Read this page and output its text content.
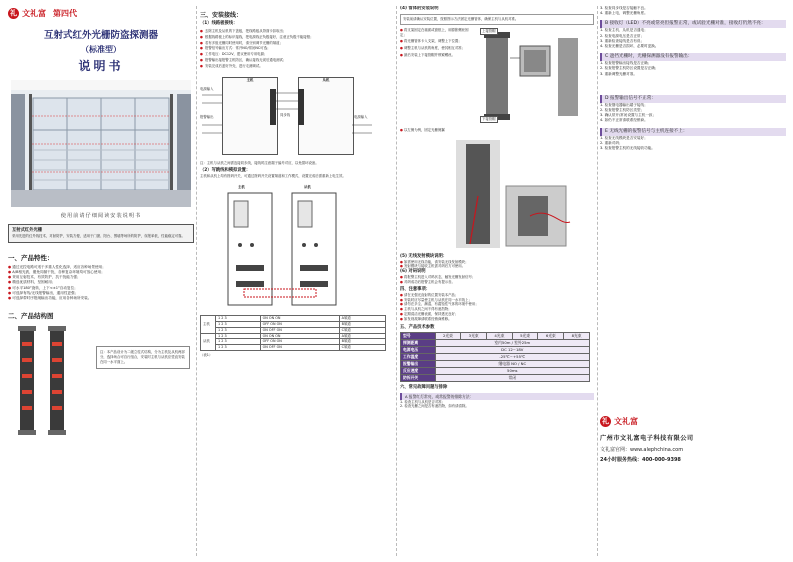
礼 文礼富 第四代
互射式红外光栅防盗探测器
（标准型）
说明书
使用前请仔细阅读安装说明书
互射式红外光栅
采用先进的红外线技术，对射防护，安装方便，适用于门窗、阳台、围墙等场所的防护，误报率低，性能稳定可靠。
一、产品特性：
● 通过光控电路可适于多重人性化选择，适应各种场景使用；
● A/B相光波，避免同频干扰，各种复杂环境均可放心使用；
● 采用互射技术，有效防护，抗干扰能力强；
● 精选优质材料，坚固耐用；
● 可水平180°旋转，上下<±1°自动复位；
● 可选择有线/无线报警输出，通用性更强；
● 可选择带时序报闸输出功能，应用各种场所安装。
二、产品结构图
注：本产品设计为二级立柱式结构，分为主机及从机两部分，选择场合可自行组合，安装时主机与从机应竖直安装在同一水平面上。
三、安装接线：
（1）线路板接线：
● 去除主机及从机的下盖板，把线路板从背面卡扣取出；
● 根据线路板上的标识接线，把电源线正负极接好，注意正负极不能接错；
● 若有多组光栅同时使用时，请分别调节光栅的频道；
● 报警信号输出方式：常开NO/常闭NC可选；
● 工作电压：DC12V，建议使用专用电源；
● 报警输出接报警主机防区，确认接线无误后通电测试；
● 安装完成后盖好外壳，进行走测调试。
主机	从机
电源输入
报警输出	电源输入
同步线
注：主机与从机之间需连接同步线，接线时注意端子编号对应，以免损坏设备。
（2）写跳线和模拟设置：
主机和从机上均有拨码开关，可通过拨码开关设置频道和工作模式，设置完成后需重新上电生效。
主机	从机
主机	1 2 3	ON ON ON	A频道
	1 2 3	OFF ON ON	B频道
	1 2 3	ON OFF ON	C频道
从机	1 2 3	ON ON ON	A频道
	1 2 3	OFF ON ON	B频道
	1 2 3	ON OFF ON	C频道
（表1）
(4) 管体的安装说明
安装前请确认安装位置，按照图示方法固定光栅管体，确保主机与从机对准。
● 将支架固定在墙面或窗框上，用膨胀螺丝固定；
● 将光栅管体卡入支架，调整上下位置；
● 调整主机与从机的角度，使其相互对准；
● 最后安装上下接管帽并锁紧螺丝。
上接管帽
下接管帽
● 以左侧为例，固定光栅侧翼
(5) 无线发射模块说明：
● 如需使用无线功能，请安装无线发射模块；
● 发射模块与接收主机需对码后方可使用。
(6) 对码说明
● 将报警主机进入对码状态，触发光栅发射信号；
● 对码成功后报警主机会有提示音。
四、注意事项：
● 请在无强光直射的位置安装本产品；
● 安装时应尽量使主机与从机在同一水平线上；
● 请勿在多尘、潮湿、有腐蚀性气体的环境中使用；
● 主机与从机之间不得有遮挡物；
● 定期清洁光栅表面，保持透光良好；
● 如发现故障请联系经销商维修。
五、产品技术参数
型号	2光束	3光束	4光束	5光束	6光束	8光束
探测距离	室内50m / 室外25m					
电源电压	DC 12~18V					
工作温度	-25℃~+55℃					
报警输出	继电器 NO / NC					
反应速度	50ms					
防拆开关	常闭					
六、常见故障问题与排除
A 报警红灯常亮，或常报警的排除方法：
1. 检查主机与从机是否对准；
2. 检查光栅之间是否有遮挡物，如有请清除。
3. 检查同步线是否接触不良。
4. 重新上电，调整光栅角度。
B 接收灯（LED）不亮或常亮但报警正常，或试验光栅对准，接收灯仍然不亮：
1. 检查主机、从机是否通电；
2. 检查电源电压是否正常；
3. 重新检查接线是否有误；
4. 检查光栅是否损坏，必要时更换。
C 遮挡光栅时，光栅探测器没有报警输出：
1. 检查报警输出接线是否正确；
2. 检查报警主机防区设置是否正确；
3. 重新调整光栅对准。
D 报警输出信号不正常：
1. 检查继电器输出端子接线；
2. 检查报警主机防区类型；
3. 确认常开/常闭设置与主机一致；
4. 如仍不正常请联系经销商。
E 无线光栅的报警信号与主机连接不上：
1. 检查无线模块是否安装好；
2. 重新对码；
3. 检查报警主机的无线接收功能。
礼 文礼富
广州市文礼富电子科技有限公司
文礼富官网：www.alephchina.com
24小时服务热线：400-000-9398
